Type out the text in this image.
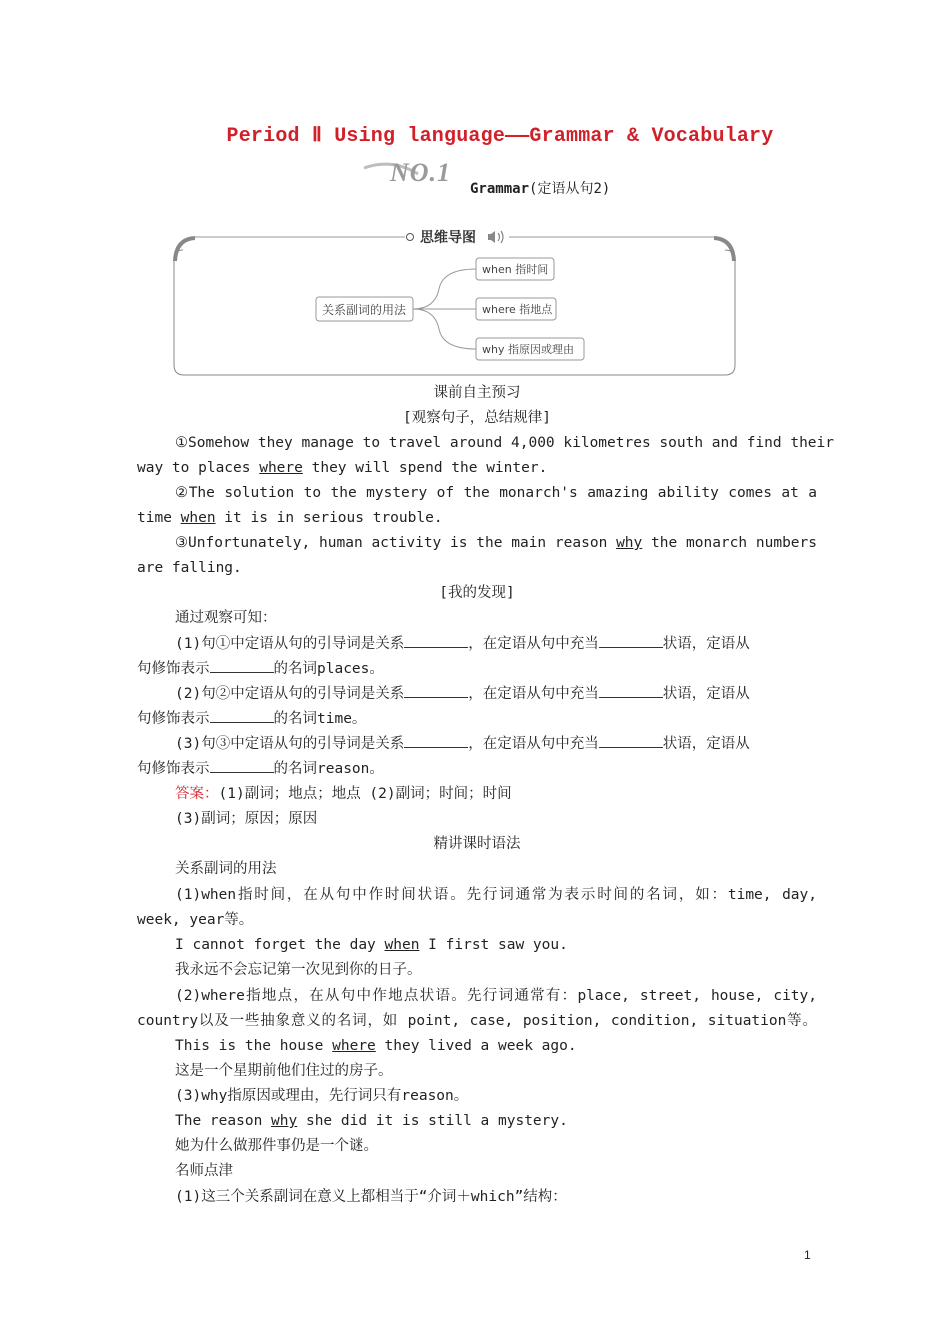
Period Ⅱ Using language——Grammar & Vocabulary
NO.1
Grammar(定语从句2)
思维导图
关系副词的用法
when 指时间
where 指地点
why 指原因或理由
课前自主预习
[观察句子，总结规律]
①Somehow they manage to travel around 4,000 kilometres south and find their
way to places where they will spend the winter.
②The solution to the mystery of the monarch's amazing ability comes at a
time when it is in serious trouble.
③Unfortunately, human activity is the main reason why the monarch numbers
are falling.
[我的发现]
通过观察可知：
(1)句①中定语从句的引导词是关系	，在定语从句中充当	状语，定语从
句修饰表示	的名词places。
(2)句②中定语从句的引导词是关系	，在定语从句中充当	状语，定语从
句修饰表示	的名词time。
(3)句③中定语从句的引导词是关系	，在定语从句中充当	状语，定语从
句修饰表示	的名词reason。
答案：(1)副词；地点；地点 (2)副词；时间；时间
(3)副词；原因；原因
精讲课时语法
关系副词的用法
(1)when指时间，在从句中作时间状语。先行词通常为表示时间的名词，如：time, day,
week, year等。
I cannot forget the day when I first saw you.
我永远不会忘记第一次见到你的日子。
(2)where指地点，在从句中作地点状语。先行词通常有：place, street, house, city,
country以及一些抽象意义的名词，如 point, case, position, condition, situation等。
This is the house where they lived a week ago.
这是一个星期前他们住过的房子。
(3)why指原因或理由，先行词只有reason。
The reason why she did it is still a mystery.
她为什么做那件事仍是一个谜。
名师点津
(1)这三个关系副词在意义上都相当于“介词＋which”结构：
1
